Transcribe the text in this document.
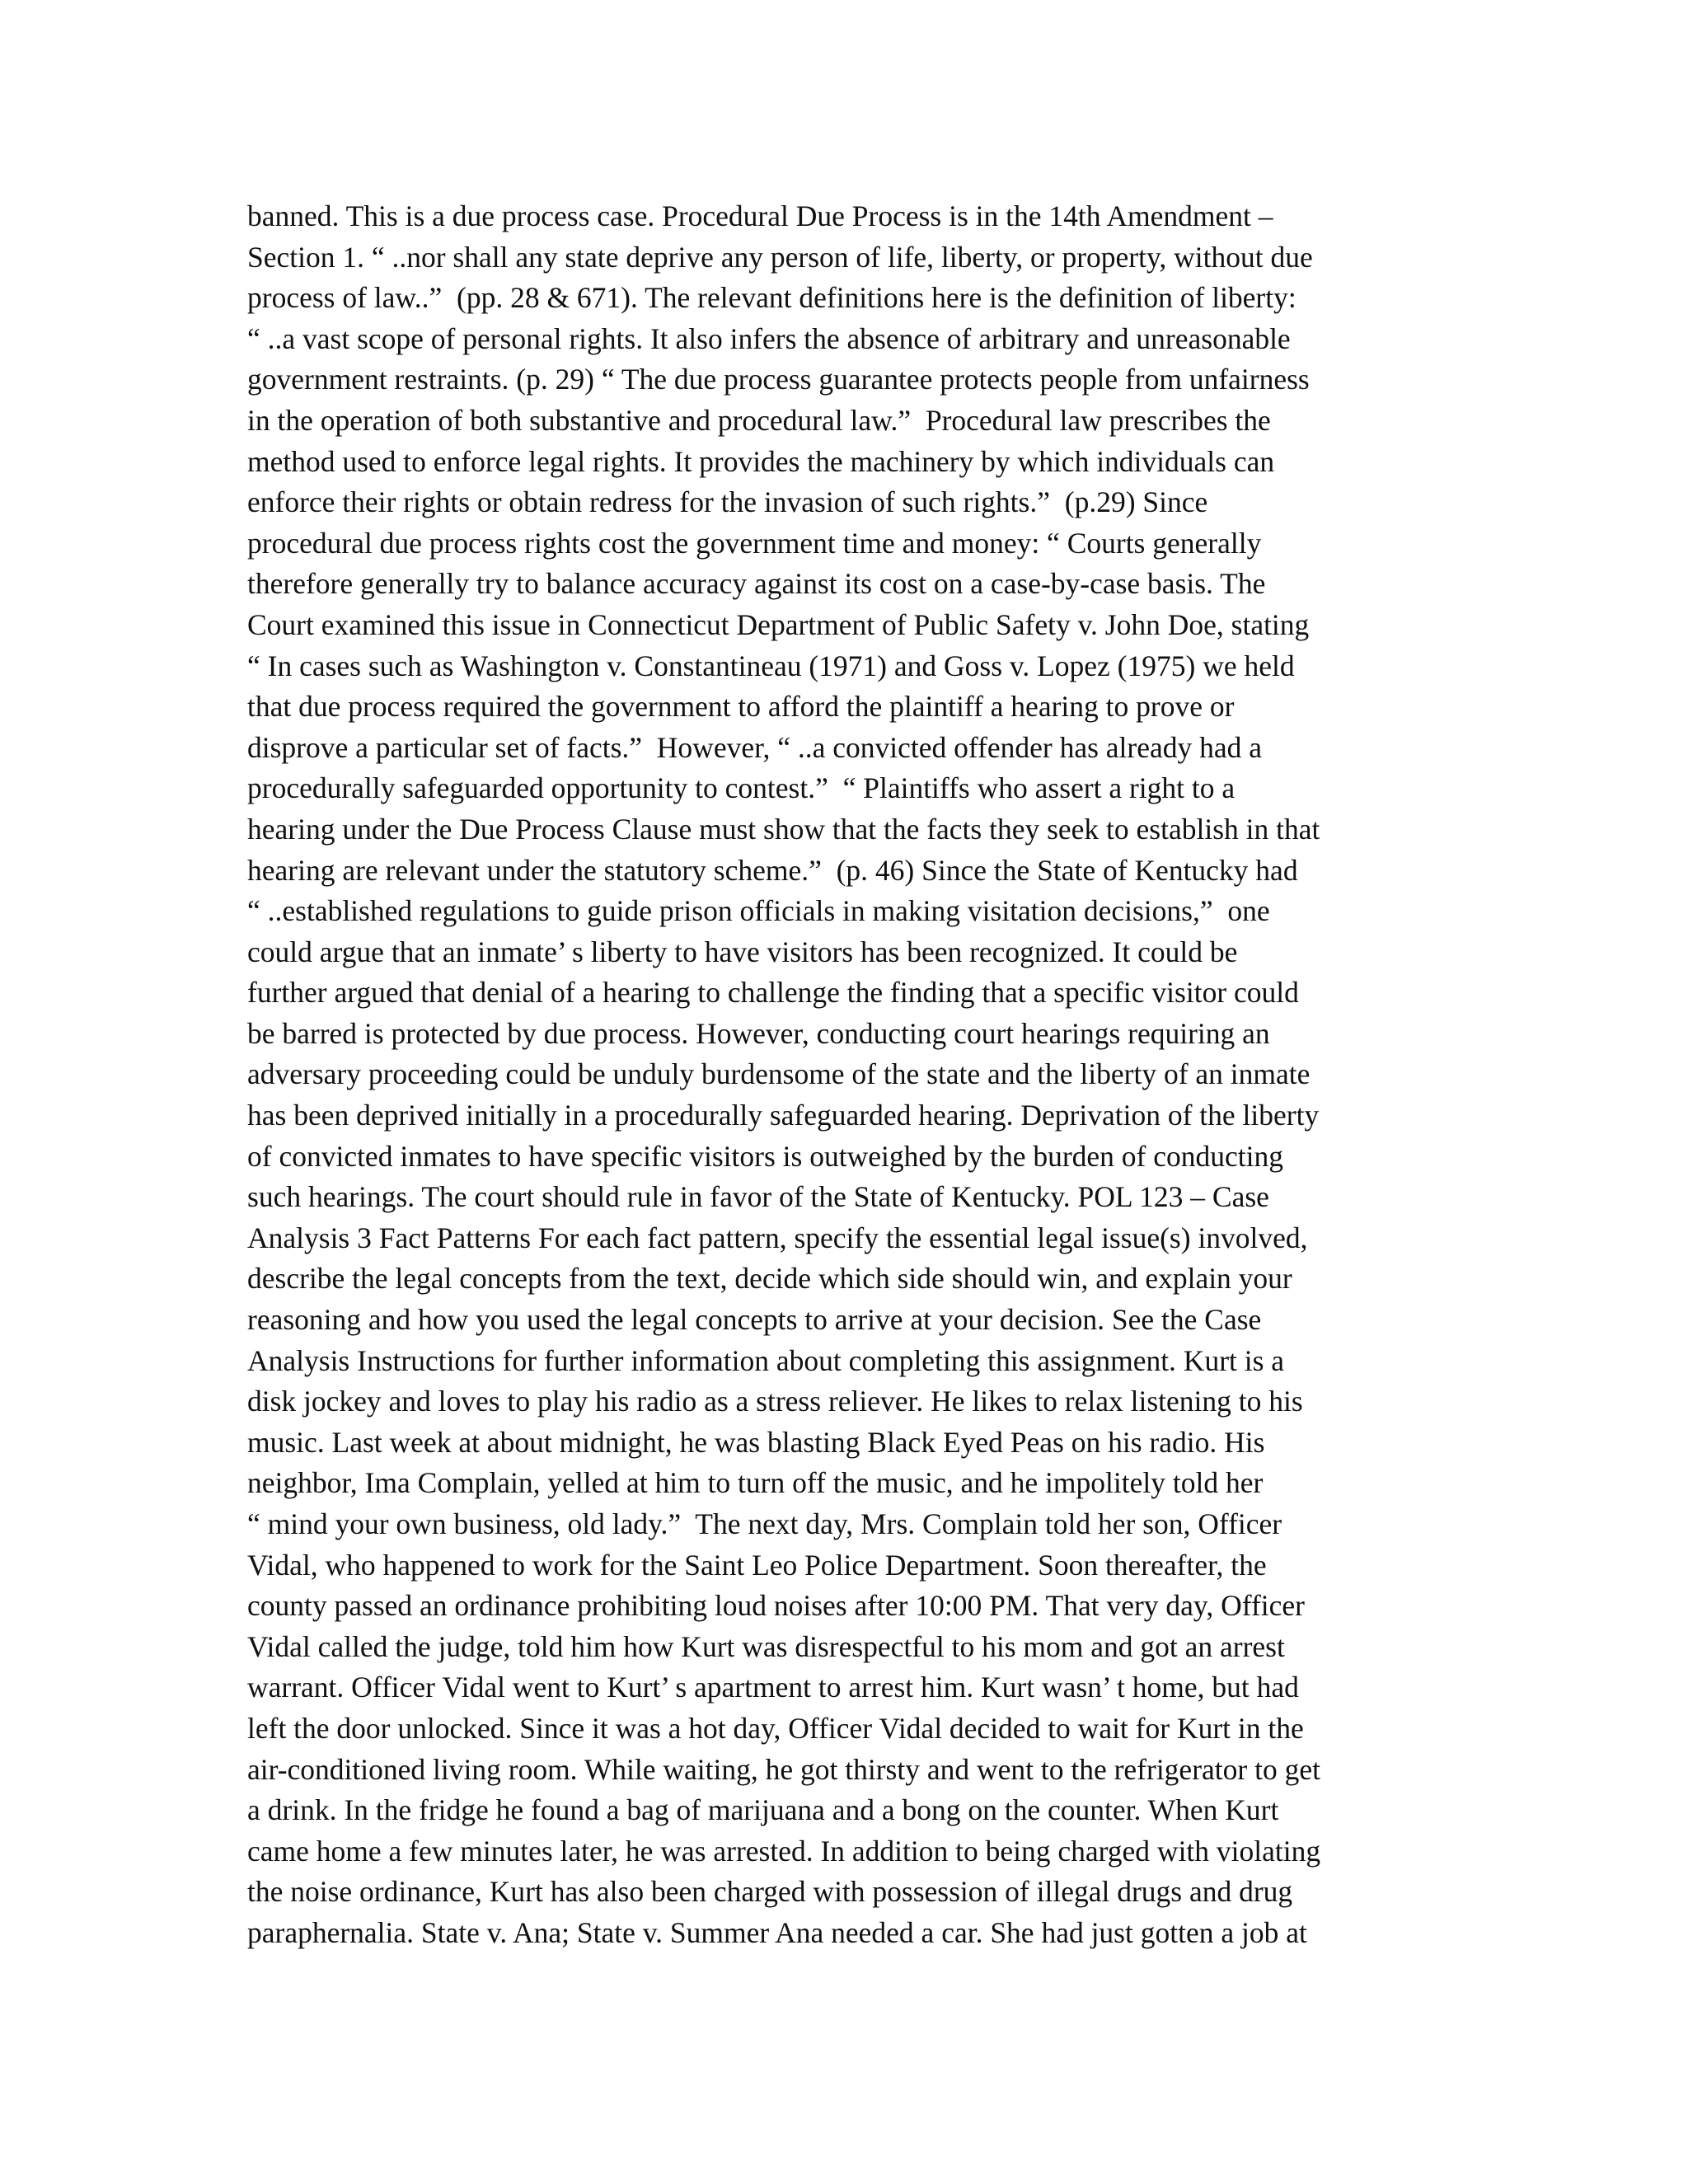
banned. This is a due process case. Procedural Due Process is in the 14th Amendment –
Section 1. “ ..nor shall any state deprive any person of life, liberty, or property, without due
process of law..”  (pp. 28 & 671). The relevant definitions here is the definition of liberty:
“ ..a vast scope of personal rights. It also infers the absence of arbitrary and unreasonable
government restraints. (p. 29) “ The due process guarantee protects people from unfairness
in the operation of both substantive and procedural law.”  Procedural law prescribes the
method used to enforce legal rights. It provides the machinery by which individuals can
enforce their rights or obtain redress for the invasion of such rights.”  (p.29) Since
procedural due process rights cost the government time and money: “ Courts generally
therefore generally try to balance accuracy against its cost on a case-by-case basis. The
Court examined this issue in Connecticut Department of Public Safety v. John Doe, stating
“ In cases such as Washington v. Constantineau (1971) and Goss v. Lopez (1975) we held
that due process required the government to afford the plaintiff a hearing to prove or
disprove a particular set of facts.”  However, “ ..a convicted offender has already had a
procedurally safeguarded opportunity to contest.”  “ Plaintiffs who assert a right to a
hearing under the Due Process Clause must show that the facts they seek to establish in that
hearing are relevant under the statutory scheme.”  (p. 46) Since the State of Kentucky had
“ ..established regulations to guide prison officials in making visitation decisions,”  one
could argue that an inmate’ s liberty to have visitors has been recognized. It could be
further argued that denial of a hearing to challenge the finding that a specific visitor could
be barred is protected by due process. However, conducting court hearings requiring an
adversary proceeding could be unduly burdensome of the state and the liberty of an inmate
has been deprived initially in a procedurally safeguarded hearing. Deprivation of the liberty
of convicted inmates to have specific visitors is outweighed by the burden of conducting
such hearings. The court should rule in favor of the State of Kentucky. POL 123 – Case
Analysis 3 Fact Patterns For each fact pattern, specify the essential legal issue(s) involved,
describe the legal concepts from the text, decide which side should win, and explain your
reasoning and how you used the legal concepts to arrive at your decision. See the Case
Analysis Instructions for further information about completing this assignment. Kurt is a
disk jockey and loves to play his radio as a stress reliever. He likes to relax listening to his
music. Last week at about midnight, he was blasting Black Eyed Peas on his radio. His
neighbor, Ima Complain, yelled at him to turn off the music, and he impolitely told her
“ mind your own business, old lady.”  The next day, Mrs. Complain told her son, Officer
Vidal, who happened to work for the Saint Leo Police Department. Soon thereafter, the
county passed an ordinance prohibiting loud noises after 10:00 PM. That very day, Officer
Vidal called the judge, told him how Kurt was disrespectful to his mom and got an arrest
warrant. Officer Vidal went to Kurt’ s apartment to arrest him. Kurt wasn’ t home, but had
left the door unlocked. Since it was a hot day, Officer Vidal decided to wait for Kurt in the
air-conditioned living room. While waiting, he got thirsty and went to the refrigerator to get
a drink. In the fridge he found a bag of marijuana and a bong on the counter. When Kurt
came home a few minutes later, he was arrested. In addition to being charged with violating
the noise ordinance, Kurt has also been charged with possession of illegal drugs and drug
paraphernalia. State v. Ana; State v. Summer Ana needed a car. She had just gotten a job at
